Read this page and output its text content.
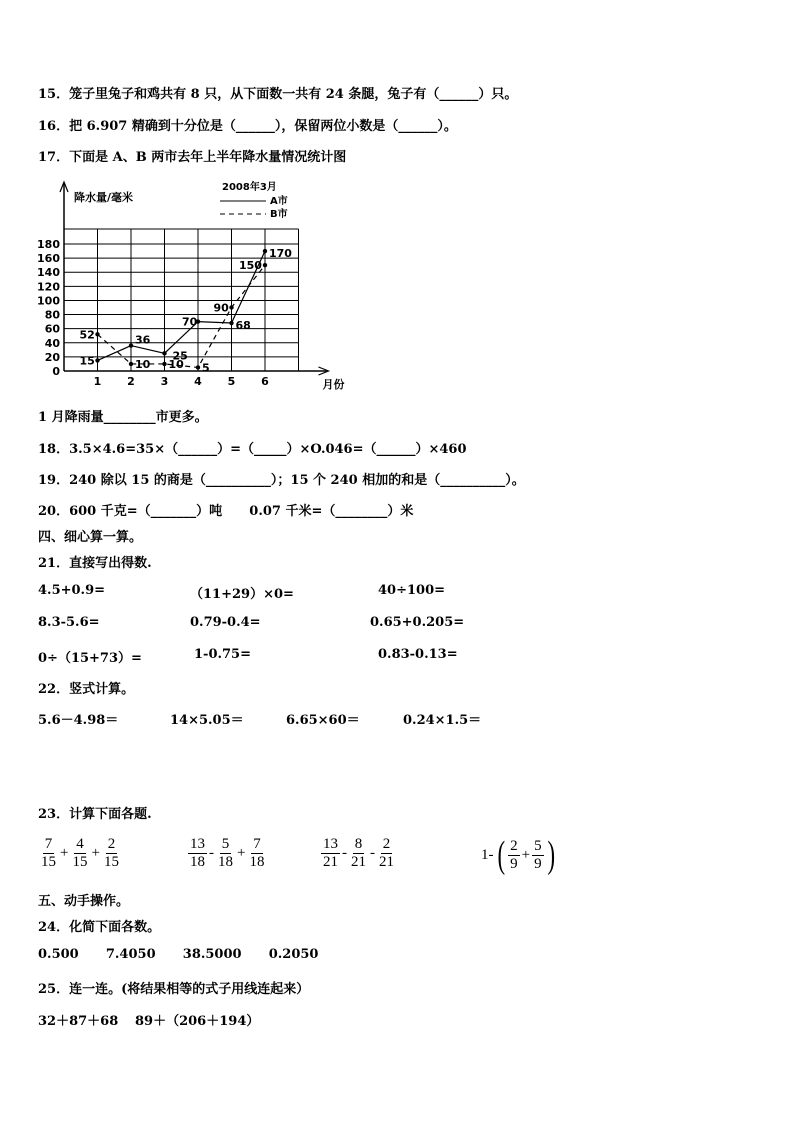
15．笼子里兔子和鸡共有 8 只，从下面数一共有 24 条腿，兔子有（______）只。
16．把 6.907 精确到十分位是（______），保留两位小数是（______）。
17．下面是 A、B 两市去年上半年降水量情况统计图
0
20
40
60
80
100
120
140
160
180
1 2 3 4 5 6
降水量/毫米
月份
2008年3月
A市
B市
15
36
25
70	68
170
52
10 10 5
90
150
1 月降雨量________市更多。
18．3.5×4.6=35×（______）=（_____）×O.046=（______）×460
19．240 除以 15 的商是（__________）；15 个 240 相加的和是（__________）。
20．600 千克=（_______）吨      0.07 千米=（________）米
四、细心算一算。
21．直接写出得数.
4.5+0.9=	（11+29）×0=	40÷100=
8.3-5.6=	0.79-0.4=	0.65+0.205=
0÷（15+73）=	1-0.75=	0.83-0.13=
22．竖式计算。
5.6－4.98＝	14×5.05＝	6.65×60＝	0.24×1.5＝
23．计算下面各题.
$\frac{7}{15} + \frac{4}{15} + \frac{2}{15}$	$\frac{13}{18} - \frac{5}{18} + \frac{7}{18}$	$\frac{13}{21} - \frac{8}{21} - \frac{2}{21}$	1- ( $\frac{2}{9} + \frac{5}{9}$ )
五、动手操作。
24．化简下面各数。
0.500      7.4050      38.5000      0.2050
25．连一连。(将结果相等的式子用线连起来）
32＋87＋68 89＋（206＋194）
